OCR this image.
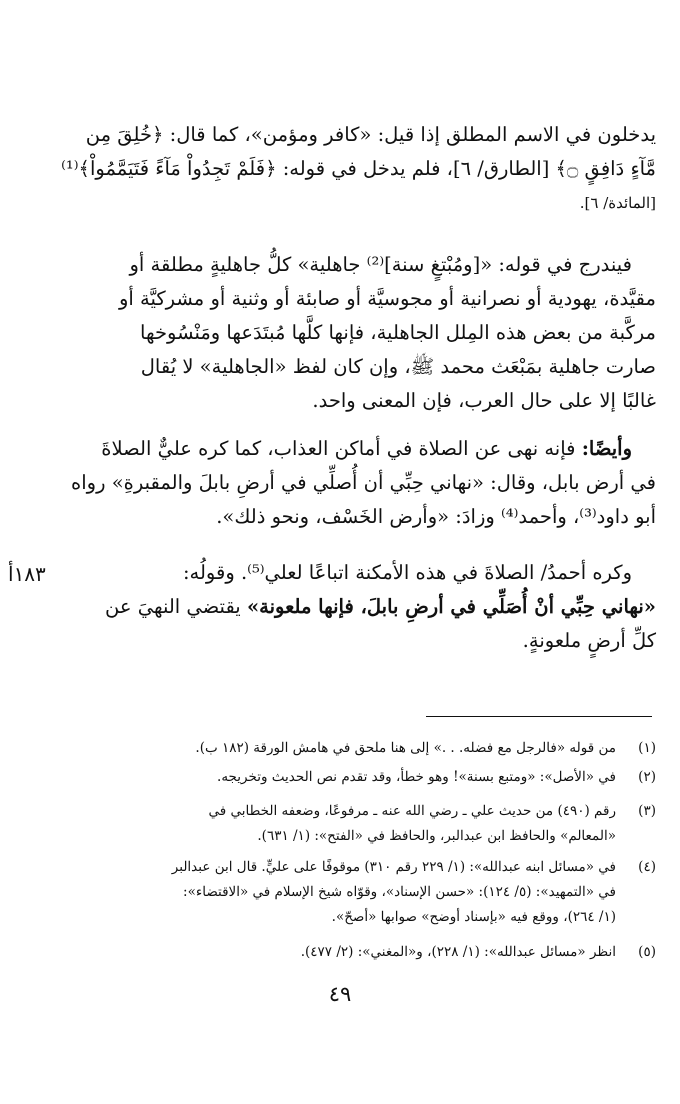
يدخلون في الاسم المطلق إذا قيل: «كافر ومؤمن»، كما قال: ﴿خُلِقَ مِن
مَّآءٍ دَافِقٍ ۝﴾ [الطارق/ ٦]، فلم يدخل في قوله: ﴿فَلَمْ تَجِدُواْ مَآءً فَتَيَمَّمُواْ﴾⁽¹⁾
[المائدة/ ٦].
فيندرج في قوله: «[ومُبْتغٍ سنة]⁽²⁾ جاهلية» كلُّ جاهليةٍ مطلقة أو
مقيَّدة، يهودية أو نصرانية أو مجوسيَّة أو صابئة أو وثنية أو مشركيَّة أو
مركَّبة من بعض هذه المِلل الجاهلية، فإنها كلَّها مُبتَدَعها ومَنْسُوخها
صارت جاهلية بمَبْعَث محمد ﷺ، وإن كان لفظ «الجاهلية» لا يُقال
غالبًا إلا على حال العرب، فإن المعنى واحد.
وأيضًا: فإنه نهى عن الصلاة في أماكن العذاب، كما كره عليٌّ الصلاةَ
في أرض بابل، وقال: «نهاني حِبِّي أن أُصلِّي في أرضِ بابلَ والمقبرةِ» رواه
أبو داود⁽³⁾، وأحمد⁽⁴⁾ وزادَ: «وأرض الخَسْف، ونحو ذلك».
وكره أحمدُ/ الصلاةَ في هذه الأمكنة اتباعًا لعلي⁽⁵⁾. وقولُه:
«نهاني حِبِّي أنْ أُصَلِّي في أرضِ بابلَ، فإنها ملعونة» يقتضي النهيَ عن
كلِّ أرضٍ ملعونةٍ.
١٨٣أ
(١)
من قوله «فالرجل مع فضله. . .» إلى هنا ملحق في هامش الورقة (١٨٢ ب).
(٢)
في «الأصل»: «ومتبع بسنة»! وهو خطأ، وقد تقدم نص الحديث وتخريجه.
(٣)
رقم (٤٩٠) من حديث علي ـ رضي الله عنه ـ مرفوعًا، وضعفه الخطابي في
«المعالم» والحافظ ابن عبدالبر، والحافظ في «الفتح»: (١/ ٦٣١).
(٤)
في «مسائل ابنه عبدالله»: (١/ ٢٢٩ رقم ٣١٠) موقوفًا على عليٍّ. قال ابن عبدالبر
في «التمهيد»: (٥/ ١٢٤): «حسن الإسناد»، وقوّاه شيخ الإسلام في «الاقتضاء»:
(١/ ٢٦٤)، ووقع فيه «بإسناد أوضح» صوابها «أصحّ».
(٥)
انظر «مسائل عبدالله»: (١/ ٢٢٨)، و«المغني»: (٢/ ٤٧٧).
٤٩
